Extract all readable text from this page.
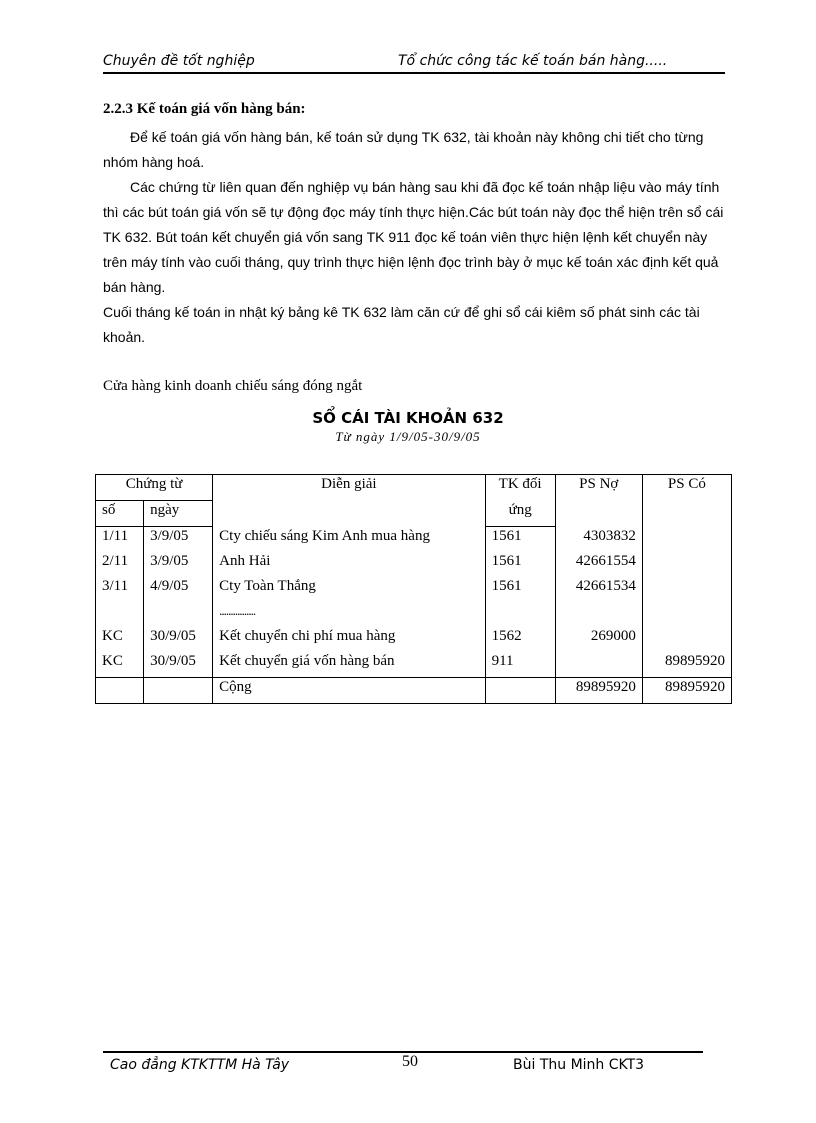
Chuyên đề tốt nghiệp	Tổ chức công tác kế toán bán hàng.....
2.2.3 Kế toán giá vốn hàng bán:

Để kế toán giá vốn hàng bán, kế toán sử dụng TK 632, tài khoản này không chi tiết cho từng nhóm hàng hoá.

Các chứng từ liên quan đến nghiệp vụ bán hàng sau khi đã đọc kế toán nhập liệu vào máy tính thì các bút toán giá vốn sẽ tự động đọc máy tính thực hiện.Các bút toán này đọc thể hiện trên sổ cái TK 632. Bút toán kết chuyển giá vốn sang TK 911 đọc kế toán viên thực hiện lệnh kết chuyển này trên máy tính vào cuối tháng, quy trình thực hiện lệnh đọc trình bày ở mục kế toán xác định kết quả bán hàng.

Cuối tháng kế toán in nhật ký bảng kê TK 632 làm căn cứ để ghi sổ cái kiêm số phát sinh các tài khoản.

Cửa hàng kinh doanh chiếu sáng đóng ngắt
SỔ CÁI TÀI KHOẢN 632
Từ ngày 1/9/05-30/9/05
Chứng từ		Diễn giải	TK đối	PS Nợ	PS Có
số	ngày		ứng		
1/11	3/9/05	Cty chiếu sáng Kim Anh mua hàng	1561	4303832	
2/11	3/9/05	Anh Hải	1561	42661554	
3/11	4/9/05	Cty Toàn Thắng	1561	42661534	
		................			
KC	30/9/05	Kết chuyển chi phí mua hàng	1562	269000	
KC	30/9/05	Kết chuyển giá vốn hàng bán	911		89895920
		Cộng		89895920	89895920
Cao đẳng KTKTTM Hà Tây	50	Bùi Thu Minh CKT3
